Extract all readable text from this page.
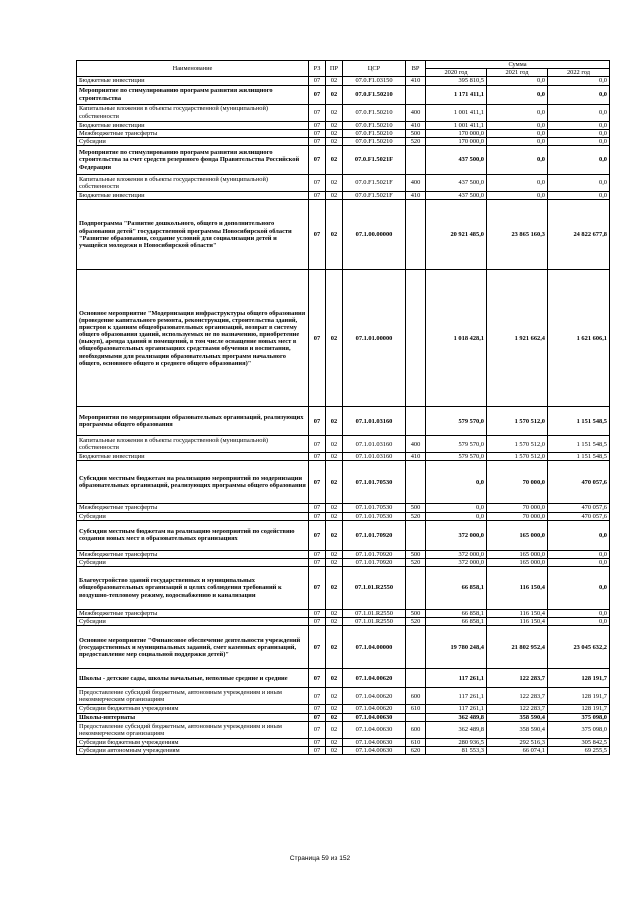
Наименование	РЗ	ПР	ЦСР	ВР	Сумма		
					2020 год	2021 год	2022 год
Бюджетные инвестиции	07	02	07.0.F1.03150	410	395 810,5	0,0	0,0
Мероприятие по стимулированию программ развития жилищного строительства	07	02	07.0.F1.50210		1 171 411,1	0,0	0,0
Капитальные вложения в объекты государственной (муниципальной) собственности	07	02	07.0.F1.50210	400	1 001 411,1	0,0	0,0
Бюджетные инвестиции	07	02	07.0.F1.50210	410	1 001 411,1	0,0	0,0
Межбюджетные трансферты	07	02	07.0.F1.50210	500	170 000,0	0,0	0,0
Субсидии	07	02	07.0.F1.50210	520	170 000,0	0,0	0,0
Мероприятие по стимулированию программ развития жилищного строительства за счет средств резервного фонда Правительства Российской Федерации	07	02	07.0.F1.5021F		437 500,0	0,0	0,0
Капитальные вложения в объекты государственной (муниципальной) собственности	07	02	07.0.F1.5021F	400	437 500,0	0,0	0,0
Бюджетные инвестиции	07	02	07.0.F1.5021F	410	437 500,0	0,0	0,0
Подпрограмма "Развитие дошкольного, общего и дополнительного образования детей" государственной программы Новосибирской области "Развитие образования, создание условий для социализации детей и учащейся молодежи в Новосибирской области"	07	02	07.1.00.00000		20 921 485,0	23 865 160,3	24 822 677,8
Основное мероприятие "Модернизация инфраструктуры общего образования (проведение капитального ремонта, реконструкции, строительства зданий, пристроя к зданиям общеобразовательных организаций, возврат в систему общего образования зданий, используемых не по назначению, приобретение (выкуп), аренда зданий и помещений, в том числе оснащение новых мест в общеобразовательных организациях средствами обучения и воспитания, необходимыми для реализации образовательных программ начального общего, основного общего и среднего общего образования)"	07	02	07.1.01.00000		1 018 428,1	1 921 662,4	1 621 606,1
Мероприятия по модернизации образовательных организаций, реализующих программы общего образования	07	02	07.1.01.03160		579 570,0	1 570 512,0	1 151 548,5
Капитальные вложения в объекты государственной (муниципальной) собственности	07	02	07.1.01.03160	400	579 570,0	1 570 512,0	1 151 548,5
Бюджетные инвестиции	07	02	07.1.01.03160	410	579 570,0	1 570 512,0	1 151 548,5
Субсидии местным бюджетам на реализацию мероприятий по модернизации образовательных организаций, реализующих программы общего образования	07	02	07.1.01.70530		0,0	70 000,0	470 057,6
Межбюджетные трансферты	07	02	07.1.01.70530	500	0,0	70 000,0	470 057,6
Субсидии	07	02	07.1.01.70530	520	0,0	70 000,0	470 057,6
Субсидии местным бюджетам на реализацию мероприятий по содействию создания новых мест в образовательных организациях	07	02	07.1.01.70920		372 000,0	165 000,0	0,0
Межбюджетные трансферты	07	02	07.1.01.70920	500	372 000,0	165 000,0	0,0
Субсидии	07	02	07.1.01.70920	520	372 000,0	165 000,0	0,0
Благоустройство зданий государственных и муниципальных общеобразовательных организаций в целях соблюдения требований к воздушно-тепловому режиму, водоснабжению и канализации	07	02	07.1.01.R2550		66 858,1	116 150,4	0,0
Межбюджетные трансферты	07	02	07.1.01.R2550	500	66 858,1	116 150,4	0,0
Субсидии	07	02	07.1.01.R2550	520	66 858,1	116 150,4	0,0
Основное мероприятие "Финансовое обеспечение деятельности учреждений (государственных и муниципальных заданий, смет казенных организаций, предоставление мер социальной поддержки детей)"	07	02	07.1.04.00000		19 780 248,4	21 802 952,4	23 045 632,2
Школы - детские сады, школы начальные, неполные средние и средние	07	02	07.1.04.00620		117 261,1	122 283,7	128 191,7
Предоставление субсидий бюджетным, автономным учреждениям и иным некоммерческим организациям	07	02	07.1.04.00620	600	117 261,1	122 283,7	128 191,7
Субсидии бюджетным учреждениям	07	02	07.1.04.00620	610	117 261,1	122 283,7	128 191,7
Школы-интернаты	07	02	07.1.04.00630		362 489,8	358 590,4	375 098,0
Предоставление субсидий бюджетным, автономным учреждениям и иным некоммерческим организациям	07	02	07.1.04.00630	600	362 489,8	358 590,4	375 098,0
Субсидии бюджетным учреждениям	07	02	07.1.04.00630	610	280 936,5	292 516,3	305 842,5
Субсидии автономным учреждениям	07	02	07.1.04.00630	620	81 553,3	66 074,1	69 255,5
Страница 59 из 152
